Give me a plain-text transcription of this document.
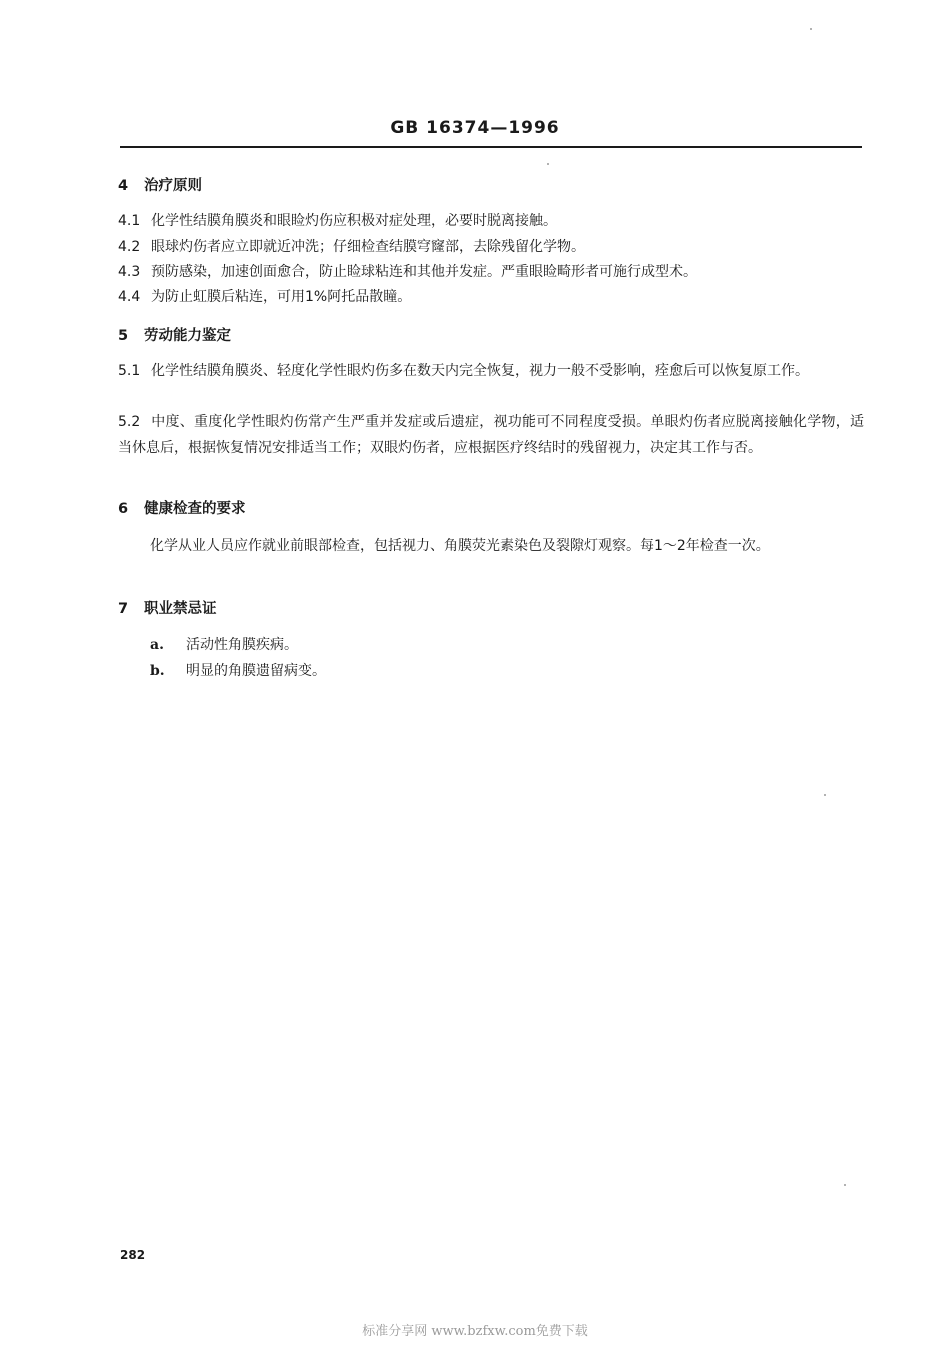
GB 16374—1996
4 治疗原则
4.1 化学性结膜角膜炎和眼睑灼伤应积极对症处理，必要时脱离接触。
4.2 眼球灼伤者应立即就近冲洗；仔细检查结膜穹窿部，去除残留化学物。
4.3 预防感染，加速创面愈合，防止睑球粘连和其他并发症。严重眼睑畸形者可施行成型术。
4.4 为防止虹膜后粘连，可用1%阿托品散瞳。
5 劳动能力鉴定
5.1 化学性结膜角膜炎、轻度化学性眼灼伤多在数天内完全恢复，视力一般不受影响，痊愈后可以恢复原工作。
5.2 中度、重度化学性眼灼伤常产生严重并发症或后遗症，视功能可不同程度受损。单眼灼伤者应脱离接触化学物，适当休息后，根据恢复情况安排适当工作；双眼灼伤者，应根据医疗终结时的残留视力，决定其工作与否。
6 健康检查的要求
化学从业人员应作就业前眼部检查，包括视力、角膜荧光素染色及裂隙灯观察。每1～2年检查一次。
7 职业禁忌证
a. 活动性角膜疾病。
b. 明显的角膜遗留病变。
282
标准分享网 www.bzfxw.com免费下载
